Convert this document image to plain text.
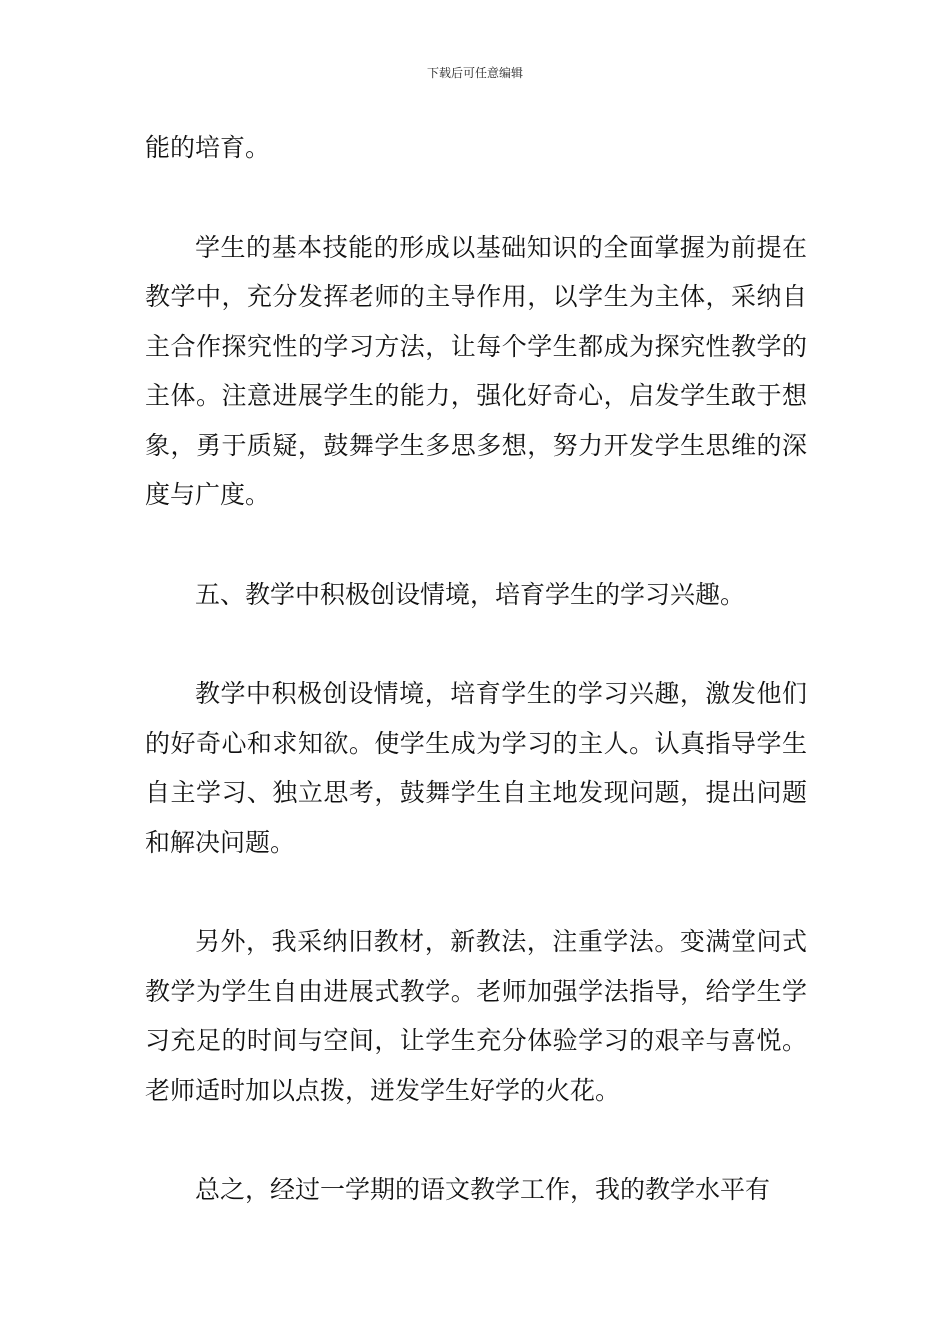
下载后可任意编辑

能的培育。

学生的基本技能的形成以基础知识的全面掌握为前提在教学中，充分发挥老师的主导作用，以学生为主体，采纳自主合作探究性的学习方法，让每个学生都成为探究性教学的主体。注意进展学生的能力，强化好奇心，启发学生敢于想象，勇于质疑，鼓舞学生多思多想，努力开发学生思维的深度与广度。

五、教学中积极创设情境，培育学生的学习兴趣。

教学中积极创设情境，培育学生的学习兴趣，激发他们的好奇心和求知欲。使学生成为学习的主人。认真指导学生自主学习、独立思考，鼓舞学生自主地发现问题，提出问题和解决问题。

另外，我采纳旧教材，新教法，注重学法。变满堂问式教学为学生自由进展式教学。老师加强学法指导，给学生学习充足的时间与空间，让学生充分体验学习的艰辛与喜悦。老师适时加以点拨，迸发学生好学的火花。

总之，经过一学期的语文教学工作，我的教学水平有
